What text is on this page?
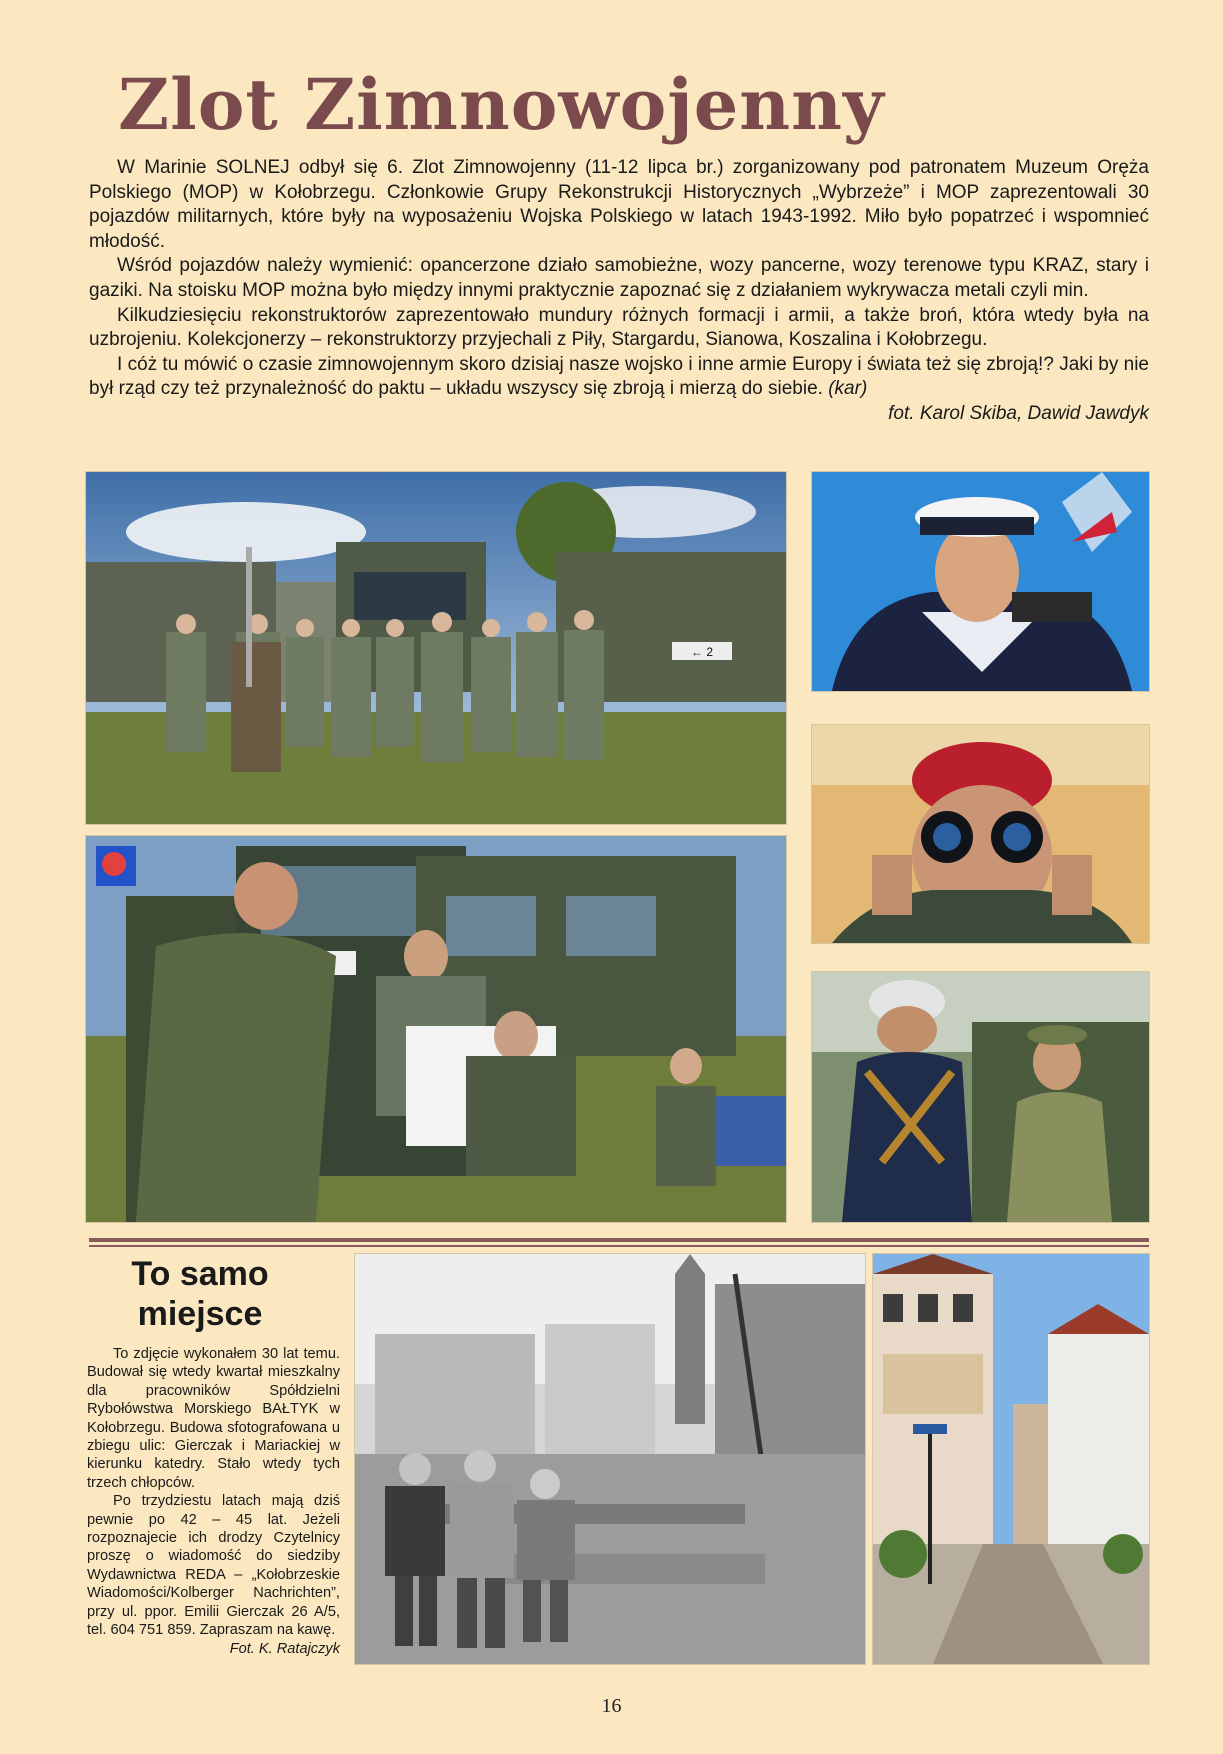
Zlot Zimnowojenny

W Marinie SOLNEJ odbył się 6. Zlot Zimnowojenny (11-12 lipca br.) zorganizowany pod patronatem Muzeum Oręża Polskiego (MOP) w Kołobrzegu. Członkowie Grupy Rekonstrukcji Historycznych „Wybrzeże” i MOP zaprezentowali 30 pojazdów militarnych, które były na wyposażeniu Wojska Polskiego w latach 1943-1992. Miło było popatrzeć i wspomnieć młodość.

Wśród pojazdów należy wymienić: opancerzone działo samobieżne, wozy pancerne, wozy terenowe typu KRAZ, stary i gaziki. Na stoisku MOP można było między innymi praktycznie zapoznać się z działaniem wykrywacza metali czyli min.

Kilkudziesięciu rekonstruktorów zaprezentowało mundury różnych formacji i armii, a także broń, która wtedy była na uzbrojeniu. Kolekcjonerzy – rekonstruktorzy przyjechali z Piły, Stargardu, Sianowa, Koszalina i Kołobrzegu.

I cóż tu mówić o czasie zimnowojennym skoro dzisiaj nasze wojsko i inne armie Europy i świata też się zbroją!? Jaki by nie był rząd czy też przynależność do paktu – układu wszyscy się zbroją i mierzą do siebie. (kar)

fot. Karol Skiba, Dawid Jawdyk

← 2
To samo
miejsce

To zdjęcie wykonałem 30 lat temu. Budował się wtedy kwartał mieszkalny dla pracowników Spółdzielni Rybołówstwa Morskiego BAŁTYK w Kołobrzegu. Budowa sfotografowana u zbiegu ulic: Gierczak i Mariackiej w kierunku katedry. Stało wtedy tych trzech chłopców.

Po trzydziestu latach mają dziś pewnie po 42 – 45 lat. Jeżeli rozpoznajecie ich drodzy Czytelnicy proszę o wiadomość do siedziby Wydawnictwa REDA – „Kołobrzeskie Wiadomości/Kolberger Nachrichten”, przy ul. ppor. Emilii Gierczak 26 A/5, tel. 604 751 859. Zapraszam na kawę.

Fot. K. Ratajczyk

16
